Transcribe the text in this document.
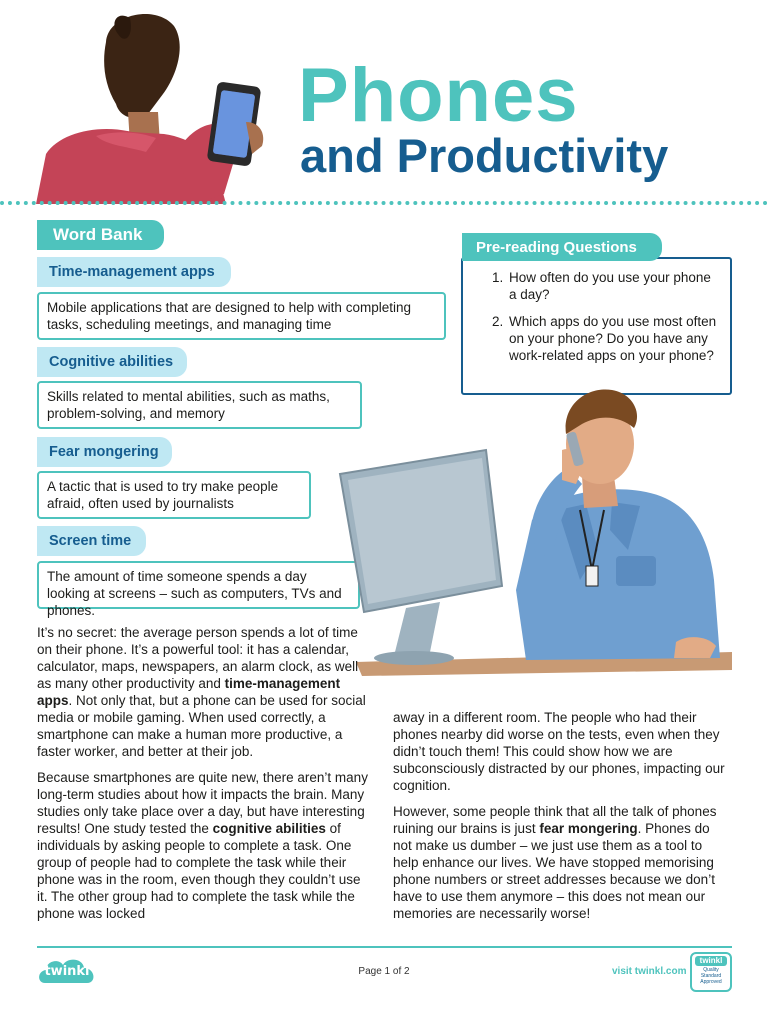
Phones
and Productivity
Word Bank
Time-management apps
Mobile applications that are designed to help with completing tasks, scheduling meetings, and managing time
Cognitive abilities
Skills related to mental abilities, such as maths, problem-solving, and memory
Fear mongering
A tactic that is used to try make people afraid, often used by journalists
Screen time
The amount of time someone spends a day looking at screens – such as computers, TVs and phones.
1. How often do you use your phone a day?
2. Which apps do you use most often on your phone? Do you have any work-related apps on your phone?
Pre-reading Questions

It’s no secret: the average person spends a lot of time on their phone. It’s a powerful tool: it has a calendar, calculator, maps, newspapers, an alarm clock, as well as many other productivity and time-management apps. Not only that, but a phone can be used for social media or mobile gaming. When used correctly, a smartphone can make a human more productive, a faster worker, and better at their job.

Because smartphones are quite new, there aren’t many long-term studies about how it impacts the brain. Many studies only take place over a day, but have interesting results! One study tested the cognitive abilities of individuals by asking people to complete a task. One group of people had to complete the task while their phone was in the room, even though they couldn’t use it. The other group had to complete the task while the phone was locked

away in a different room. The people who had their phones nearby did worse on the tests, even when they didn’t touch them! This could show how we are subconsciously distracted by our phones, impacting our cognition.

However, some people think that all the talk of phones ruining our brains is just fear mongering. Phones do not make us dumber – we just use them as a tool to help enhance our lives. We have stopped memorising phone numbers or street addresses because we don’t have to use them anymore – this does not mean our memories are necessarily worse!

twinkl	Page 1 of 2	visit twinkl.com
twinkl
Quality Standard Approved
